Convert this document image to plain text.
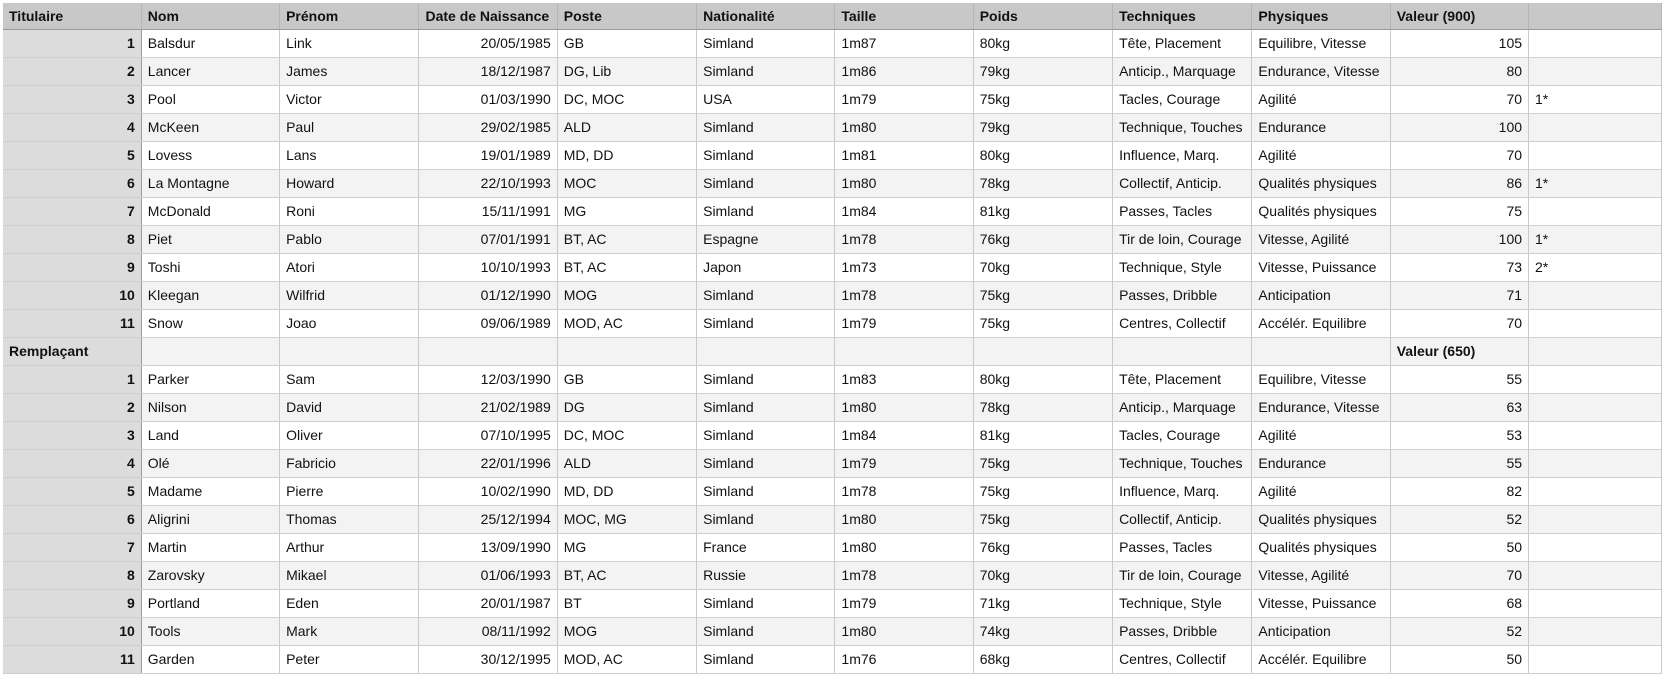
Titulaire	Nom	Prénom	Date de Naissance	Poste	Nationalité	Taille	Poids	Techniques	Physiques	Valeur (900)	
1	Balsdur	Link	20/05/1985	GB	Simland	1m87	80kg	Tête, Placement	Equilibre, Vitesse	105	
2	Lancer	James	18/12/1987	DG, Lib	Simland	1m86	79kg	Anticip., Marquage	Endurance, Vitesse	80	
3	Pool	Victor	01/03/1990	DC, MOC	USA	1m79	75kg	Tacles, Courage	Agilité	70	1*
4	McKeen	Paul	29/02/1985	ALD	Simland	1m80	79kg	Technique, Touches	Endurance	100	
5	Lovess	Lans	19/01/1989	MD, DD	Simland	1m81	80kg	Influence, Marq.	Agilité	70	
6	La Montagne	Howard	22/10/1993	MOC	Simland	1m80	78kg	Collectif, Anticip.	Qualités physiques	86	1*
7	McDonald	Roni	15/11/1991	MG	Simland	1m84	81kg	Passes, Tacles	Qualités physiques	75	
8	Piet	Pablo	07/01/1991	BT, AC	Espagne	1m78	76kg	Tir de loin, Courage	Vitesse, Agilité	100	1*
9	Toshi	Atori	10/10/1993	BT, AC	Japon	1m73	70kg	Technique, Style	Vitesse, Puissance	73	2*
10	Kleegan	Wilfrid	01/12/1990	MOG	Simland	1m78	75kg	Passes, Dribble	Anticipation	71	
11	Snow	Joao	09/06/1989	MOD, AC	Simland	1m79	75kg	Centres, Collectif	Accélér. Equilibre	70	
Remplaçant										Valeur (650)	
1	Parker	Sam	12/03/1990	GB	Simland	1m83	80kg	Tête, Placement	Equilibre, Vitesse	55	
2	Nilson	David	21/02/1989	DG	Simland	1m80	78kg	Anticip., Marquage	Endurance, Vitesse	63	
3	Land	Oliver	07/10/1995	DC, MOC	Simland	1m84	81kg	Tacles, Courage	Agilité	53	
4	Olé	Fabricio	22/01/1996	ALD	Simland	1m79	75kg	Technique, Touches	Endurance	55	
5	Madame	Pierre	10/02/1990	MD, DD	Simland	1m78	75kg	Influence, Marq.	Agilité	82	
6	Aligrini	Thomas	25/12/1994	MOC, MG	Simland	1m80	75kg	Collectif, Anticip.	Qualités physiques	52	
7	Martin	Arthur	13/09/1990	MG	France	1m80	76kg	Passes, Tacles	Qualités physiques	50	
8	Zarovsky	Mikael	01/06/1993	BT, AC	Russie	1m78	70kg	Tir de loin, Courage	Vitesse, Agilité	70	
9	Portland	Eden	20/01/1987	BT	Simland	1m79	71kg	Technique, Style	Vitesse, Puissance	68	
10	Tools	Mark	08/11/1992	MOG	Simland	1m80	74kg	Passes, Dribble	Anticipation	52	
11	Garden	Peter	30/12/1995	MOD, AC	Simland	1m76	68kg	Centres, Collectif	Accélér. Equilibre	50	
